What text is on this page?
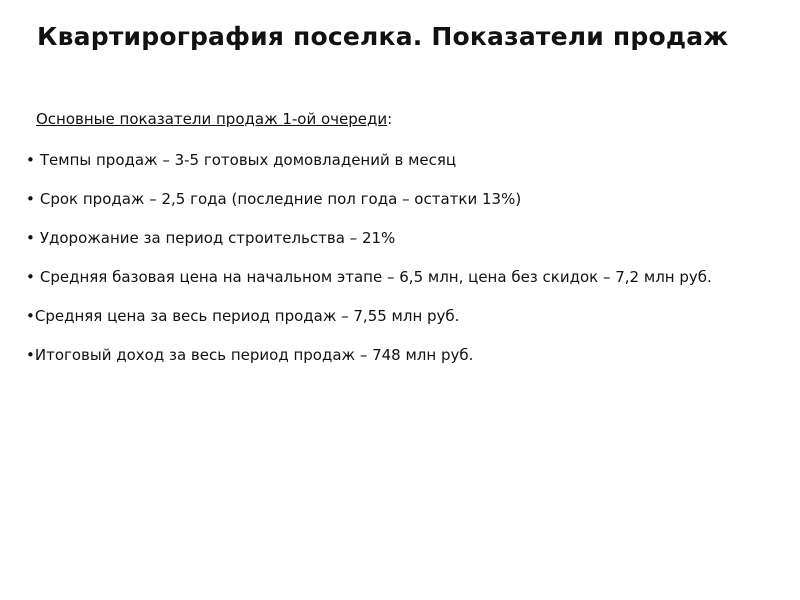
Квартирография поселка. Показатели продаж
Основные показатели продаж 1-ой очереди:
• Темпы продаж – 3-5 готовых домовладений в месяц
• Срок продаж – 2,5 года (последние пол года – остатки 13%)
• Удорожание за период строительства – 21%
• Средняя базовая цена на начальном этапе – 6,5 млн, цена без скидок – 7,2 млн руб.
•Средняя цена за весь период продаж – 7,55 млн руб.
•Итоговый доход за весь период продаж – 748 млн руб.
